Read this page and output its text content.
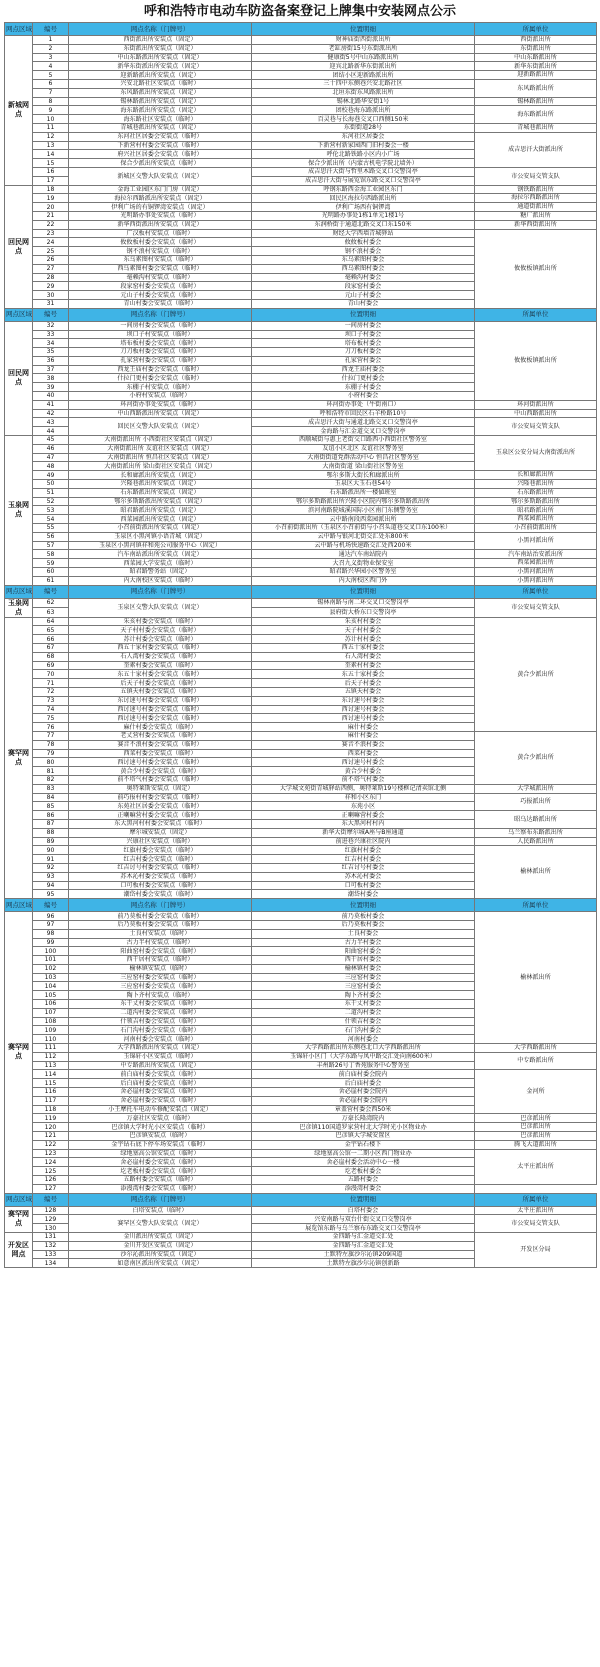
呼和浩特市电动车防盗备案登记上牌集中安装网点公示
网点区域	编号	网点名称（门牌号）	位置明细	所属单位
新城网点	1	西街派出所安装点（固定）	财神庙街西街派出所	西街派出所
	2	东街派出所安装点（固定）	老缸房街15号东街派出所	东街派出所
	3	中山东路派出所安装点（固定）	健康街5号中山东路派出所	中山东路派出所
	4	新华东街派出所安装点（固定）	迎宾北路新华东街派出所	新华东街派出所
	5	迎新路派出所安装点（固定）	团结小区迎新路派出所	迎新路派出所
	6	兴安北路社区安装点（临时）	三十四中东侧巷兴安北路社区	东风路派出所
	7	东风路派出所安装点（固定）	北垣东街东风路派出所	
	8	锡林路派出所安装点（固定）	锡林北路华安街1号	锡林路派出所
	9	海东路派出所安装点（固定）	团校巷海东路派出所	海东路派出所
	10	海东路社区安装点（临时）	百灵巷与长海巷交叉口西侧150米	
	11	青城巷派出所安装点（固定）	东街街道28号	青城巷派出所
	12	东河社区居委会安装点（临时）	东河社区居委会	成吉思汗大街派出所
	13	下新营村村委会安装点（临时）	下新营村新家园西门旧村委会一楼	
	14	府兴社区居委会安装点（临时）	呼伦北路铁路小区内小广场	
	15	保合少派出所安装点（临时）	保合少派出所（内蒙古机电学院北墙外）	
	16	新城区交警大队安装点（固定）	成吉思汗大街与哲里木路交叉口交警岗亭	市公安局交管支队
	17		成吉思汗大街与展览馆东路交叉口交警岗亭	
回民网点	18	金海工业园区东门门房（固定）	呼钢东路西金海工业园区东门	钢铁路派出所
	19	海拉尔西路派出所安装点（固定）	回民区海拉尔西路派出所	海拉尔西路派出所
	20	伊利广场的有铜锣湾安装点（固定）	伊利广场西有铜锣湾	通道街派出所
	21	光明路办事处安装点（临时）	光明路办事处1栋1单元1楼1号	糖厂派出所
	22	新华西街派出所安装点（固定）	东润桥街于通道北路交叉口东150米	新华西街派出所
	23	广汉板村安装点（临时）	财经大学西墙青城驿站	攸攸板镇派出所
	24	攸攸板村委会安装点（临时）	攸攸板村委会	
	25	钢不浪村安装点（临时）	钢不浪村委会	
	26	东乌素图村安装点（临时）	东乌素图村委会	
	27	西乌素图村委会安装点（临时）	西乌素图村委会	
	28	毫赖沟村安装点（临时）	毫赖沟村委会	
	29	段家窑村委会安装点（临时）	段家窑村委会	
	30	元山子村委会安装点（临时）	元山子村委会	
	31	青山村委会安装点（临时）	青山村委会	
网点区域	编号	网点名称（门牌号）	位置明细	所属单位
回民网点	32	一间房村委会安装点（临时）	一间房村委会	攸攸板镇派出所
	33	坝口子村安装点（临时）	坝口子村委会	
	34	塔布板村委会安装点（临时）	塔布板村委会	
	35	刀刀板村委会安装点（临时）	刀刀板村委会	
	36	孔家营村委会安装点（临时）	孔家营村委会	
	37	西龙王庙村委会安装点（临时）	西龙王庙村委会	
	38	什拉门更村委会安装点（临时）	什拉门更村委会	
	39	东棚子村安装点（临时）	东棚子村委会	
	40	小府村安装点（临时）	小府村委会	
	41	环河街办事处安装点（临时）	环河街办事处（牛街南口）	环河街派出所
	42	中山西路派出所安装点（固定）	呼和浩特市回民区石羊桥路10号	中山西路派出所
	43	回民区交警大队安装点（固定）	成吉思汗大街与通道北路交叉口交警岗亭	市公安局交管支队
	44		金海路与汇金道交叉口交警岗亭	
玉泉网点	45	大南街派出所 小西街社区安装点（固定）	西顺城街与惠上老街交口路西小西街社区警务室	玉泉区公安分局大南街派出所
	46	大南街派出所 友谊社区安装点（固定）	友谊小区北区 友谊社区警务室	
	47	大南街派出所 恒昌社区安装点（固定）	大南街街道党群活动中心 恒昌社区警务室	
	48	大南街派出所 梁山街社区安装点（固定）	大南街街道 梁山街社区警务室	
	49	长和廊派出所安装点（固定）	鄂尔多斯大街长和廊派出所	长和廊派出所
	50	兴隆巷派出所安装点（固定）	玉泉区大玉石巷54号	兴隆巷派出所
	51	石东路派出所安装点（固定）	石东路派出所一楼値班室	石东路派出所
	52	鄂尔多斯路派出所安装点（固定）	鄂尔多斯路派出所兴隆小区院内鄂尔多斯路派出所	鄂尔多斯路派出所
	53	昭君路派出所安装点（固定）	滨河南路院城溪国际小区南门东侧警务室	昭君路派出所
	54	西菜园派出所安装点（固定）	云中路南段西菜园派出所	西菜园派出所
	55	小召前街派出所安装点（固定）	小召前街派出所（玉泉区小召前街与小召头道巷交叉口东100米）	小召前街派出所
	56	玉泉区小黑河镇小语青城（固定）	云中路与银河北街交汇处东800米	小黑河派出所
	57	玉泉区小黑河镇祥和苑公司服务中心（固定）	云中路与机场快速路交汇处西200米	
	58	汽车南站派出所安装点（固定）	通达汽车南站院内	汽车南站治安派出所
	59	西菜园大学安装点（临时）	大召九义街物业保安室	西菜园派出所
	60	昭君路警务站（固定）	昭君路兴华园小区警务室	小黑河派出所
	61	内大南校区安装点（临时）	内大南校区西门外	小黑河派出所
网点区域	编号	网点名称（门牌号）	位置明细	所属单位
玉泉网点	62	玉泉区交警大队安装点（固定）	锡林南路与南二环交叉口交警岗亭	市公安局交管支队
	63		县府街大桥东口交警岗亭	
赛罕网点	64	朱亥村委会安装点（临时）	朱亥村村委会	黄合少派出所
	65	天子村村委会安装点（临时）	天子村村委会	
	66	苏计村委会安装点（临时）	苏计村村委会	
	67	西五十家村委会安装点（临时）	西五十家村委会	
	68	石人湾村委会安装点（临时）	石人湾村委会	
	69	奎素村委会安装点（临时）	奎素村村委会	
	70	东五十家村委会安装点（临时）	东五十家村委会	
	71	后天子村委会安装点（临时）	后天子村委会	
	72	五镇天村委会安装点（临时）	五镇天村委会	
	73	东讨速号村委会安装点（临时）	东讨速号村委会	
	74	西讨速号村委会安装点（临时）	西讨速号村委会	
	75	西讨速号村委会安装点（临时）	西讨速号村委会	
	76	麻什村委会安装点（临时）	麻什村委会	
	77	老丈营村委会安装点（临时）	麻什村委会	黄合少派出所
	78	赛音不浪村委会安装点（临时）	赛音不浪村委会	
	79	西菜村委会安装点（临时）	西菜村委会	
	80	西讨速号村委会安装点（临时）	西讨速号村委会	
	81	黄合少村委会安装点（临时）	黄合少村委会	
	82	前不塔气村委会安装点（临时）	前不塔气村委会	
	83	奥特莱斯安装点（固定）	大学城文苑街青城驿站西侧，奥特莱斯19号楼框记清卖馆北侧	大学城派出所
	84	前巧报村村委会安装点（临时）	祥和小区东门	巧报派出所
	85	东苑社区居委会安装点（临时）	东苑小区	
	86	正喇嘛营村委会安装点（临时）	正喇嘛营村委会	昭乌达路派出所
	87	东大黑河村村委会安装点（临时）	东大黑河村村内	
	88	摩尔城安装点（固定）	新华大街摩尔城A座与B座通道	乌兰察布东路派出所
	89	兴康社区安装点（临时）	前进巷兴康社区院内	人民路派出所
	90	红旗村委会安装点（临时）	红旗村村委会	榆林派出所
	91	红吉村委会安装点（临时）	红吉村村委会	
	92	红吉讨号村委会安装点（临时）	红吉讨号村委会	
	93	苏木沁村委会安装点（临时）	苏木沁村委会	
	94	口可板村委会安装点（临时）	口可板村委会	
	95	潮岱村委会安装点（临时）	潮岱村委会	
网点区域	编号	网点名称（门牌号）	位置明细	所属单位
赛罕网点	96	前乃莫板村委会安装点（临时）	前乃莫板村委会	榆林派出所
	97	后乃莫板村委会安装点（临时）	后乃莫板村委会	
	98	土良村安装点（临时）	土良村委会	
	99	古力半村安装点（临时）	古力半村委会	
	100	阳曲窑村委会安装点（临时）	阳曲窑村委会	
	101	西干居村安装点（临时）	西干居村委会	
	102	榆林镇安装点（临时）	榆林镇村委会	
	103	三应窑村委会安装点（临时）	三应窑村委会	
	104	三应窑村委会安装点（临时）	三应窑村委会	
	105	陶卜齐村安装点（临时）	陶卜齐村委会	
	106	东干丈村委会安装点（临时）	东干丈村委会	
	107	二道沟村委会安装点（临时）	二道沟村委会	
	108	什领吉村委会安装点（临时）	什领吉村委会	
	109	石门沟村委会安装点（临时）	石门沟村委会	
	110	河南村委会安装点（临时）	河南村委会	
	111	大学西路派出所安装点（固定）	大学西路派出所东侧巷北口大学西路派出所	大学西路派出所
	112	玉锦轩小区安装点（临时）	玉锦轩小区门（大学东路与凤中路交汇处向南600米）	中专路派出所
	113	中专路派出所安装点（固定）	丰州路26号丁香苑服务中心警务室	
	114	前白庙村委会安装点（临时）	前白庙村委会院内	金河所
	115	后白庙村委会安装点（临时）	后白庙村委会	
	116	舍必崖村委会安装点（临时）	舍必崖村委会院内	
	117	舍必崖村委会安装点（临时）	舍必崖村委会院内	
	118	小王摩托车电动车修配安装点（固定）	章盖营村委会西50米	
	119	万豪社区安装点（临时）	万豪长隆湾院内	巴彦派出所
	120	巴彦镇大学时光小区安装点（临时）	巴彦镇110国道罗家营村北大学时光小区物业办	巴彦派出所
	121	巴彦镇安装点（临时）	巴彦镇大学城安置区	巴彦派出所
	122	金宇钻石底下停车场安装点（临时）	金宇钻石楼下	腾飞大道派出所
	123	绿地塞高公馆安装点（临时）	绿地塞高公馆一二期小区西门物业办	太平庄派出所
	124	舍必崖村委会安装点（临时）	舍必崖村委会活动中心一楼	
	125	圪老板村委会安装点（临时）	圪老板村委会	
	126	五路村委会安装点（临时）	五路村委会	
	127	添漫湾村委会安装点（临时）	添漫湾村委会	
网点区域	编号	网点名称（门牌号）	位置明细	所属单位
赛罕网点	128	白塔安装点（临时）	白塔村委会	太平庄派出所
	129	赛罕区交警大队安装点（固定）	兴安南路与双台什街交叉口交警岗亭	市公安局交管支队
	130		展览馆东路与乌兰察布东路交叉口交警岗亭	
开发区网点	131	金川派出所安装点（固定）	金四路与汇金道交汇处	开发区分局
	132	金川开发区安装点（固定）	金四路与汇金道交汇处	
	133	沙尔沁派出所安装点（固定）	土默特左旗沙尔沁镇209国道	
	134	如意南区派出所安装点（固定）	土默特左旗沙尔沁镇创新路	
